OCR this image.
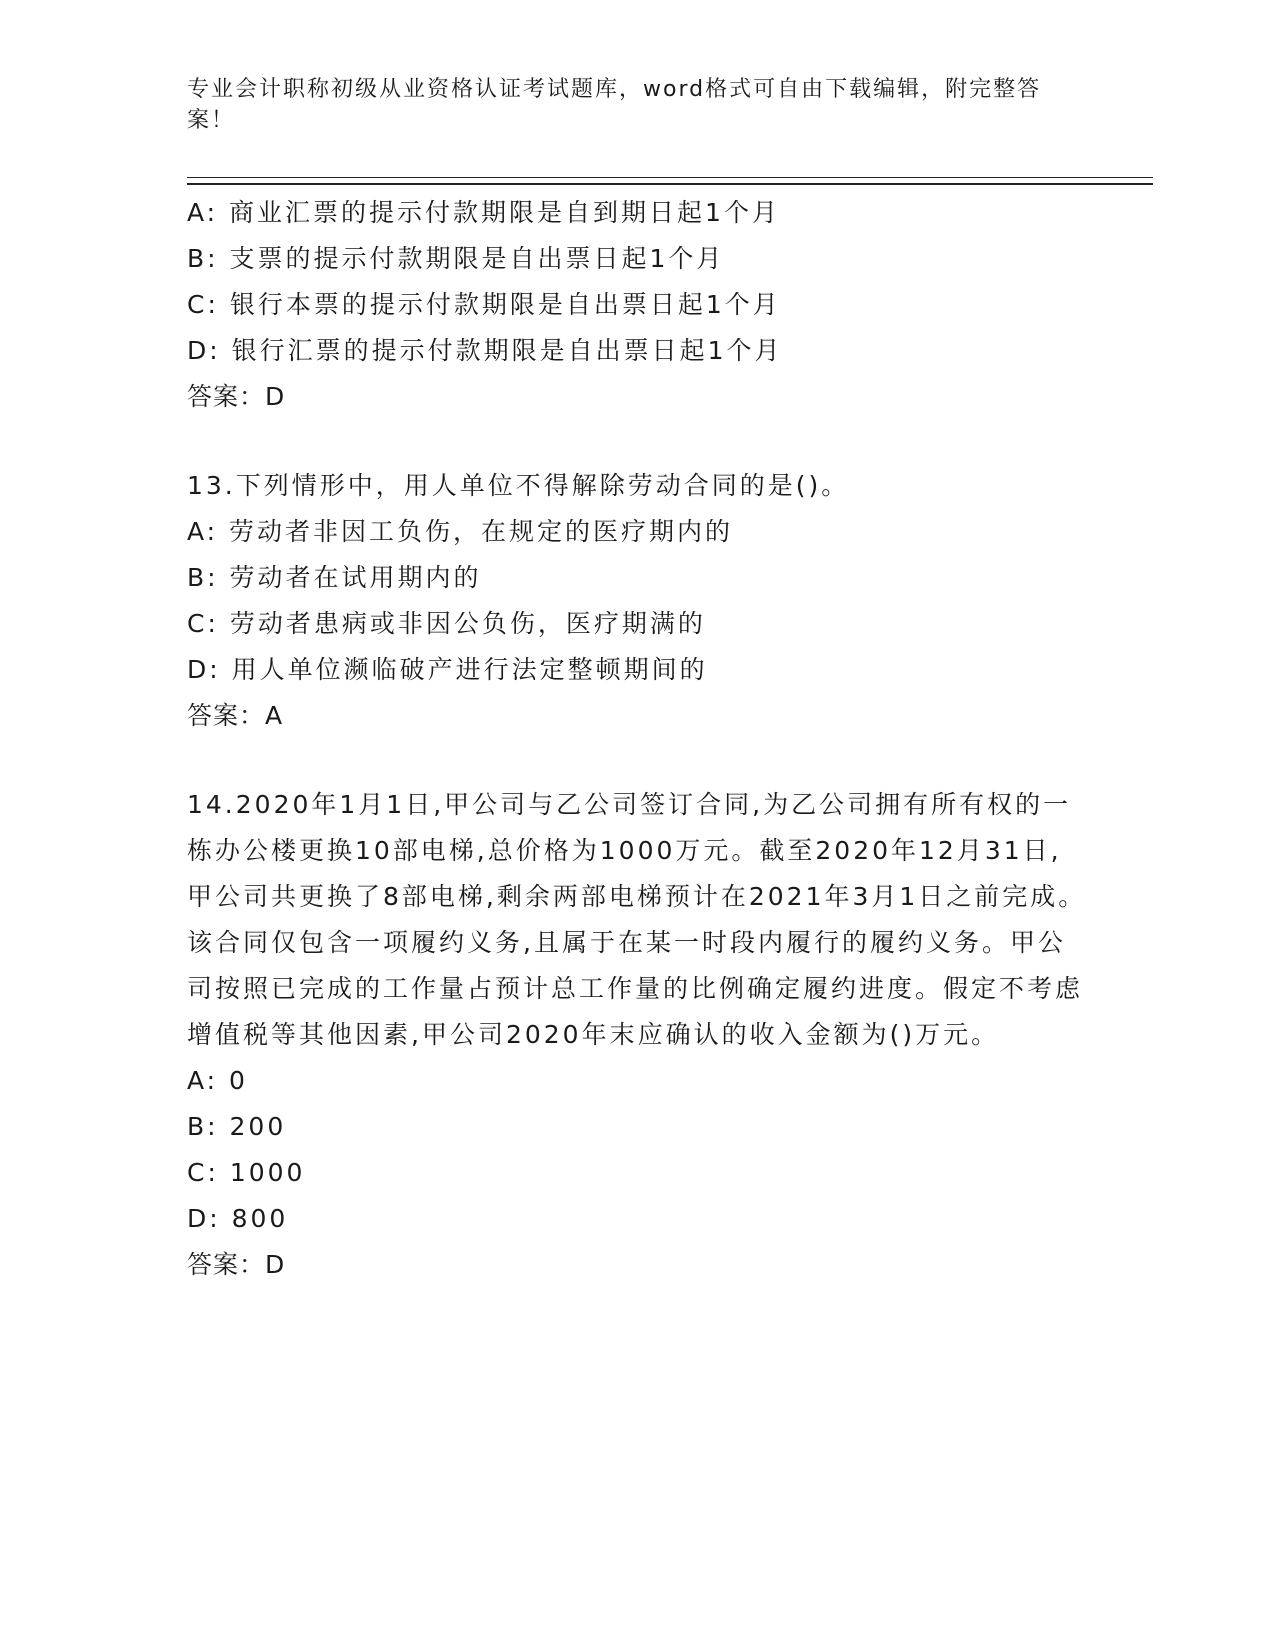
专业会计职称初级从业资格认证考试题库，word格式可自由下载编辑，附完整答案！
A: 商业汇票的提示付款期限是自到期日起1个月
B: 支票的提示付款期限是自出票日起1个月
C: 银行本票的提示付款期限是自出票日起1个月
D: 银行汇票的提示付款期限是自出票日起1个月
答案：D
13.下列情形中，用人单位不得解除劳动合同的是()。
A: 劳动者非因工负伤，在规定的医疗期内的
B: 劳动者在试用期内的
C: 劳动者患病或非因公负伤，医疗期满的
D: 用人单位濒临破产进行法定整顿期间的
答案：A
14.2020年1月1日,甲公司与乙公司签订合同,为乙公司拥有所有权的一栋办公楼更换10部电梯,总价格为1000万元。截至2020年12月31日,甲公司共更换了8部电梯,剩余两部电梯预计在2021年3月1日之前完成。该合同仅包含一项履约义务,且属于在某一时段内履行的履约义务。甲公司按照已完成的工作量占预计总工作量的比例确定履约进度。假定不考虑增值税等其他因素,甲公司2020年末应确认的收入金额为()万元。
A: 0
B: 200
C: 1000
D: 800
答案：D
